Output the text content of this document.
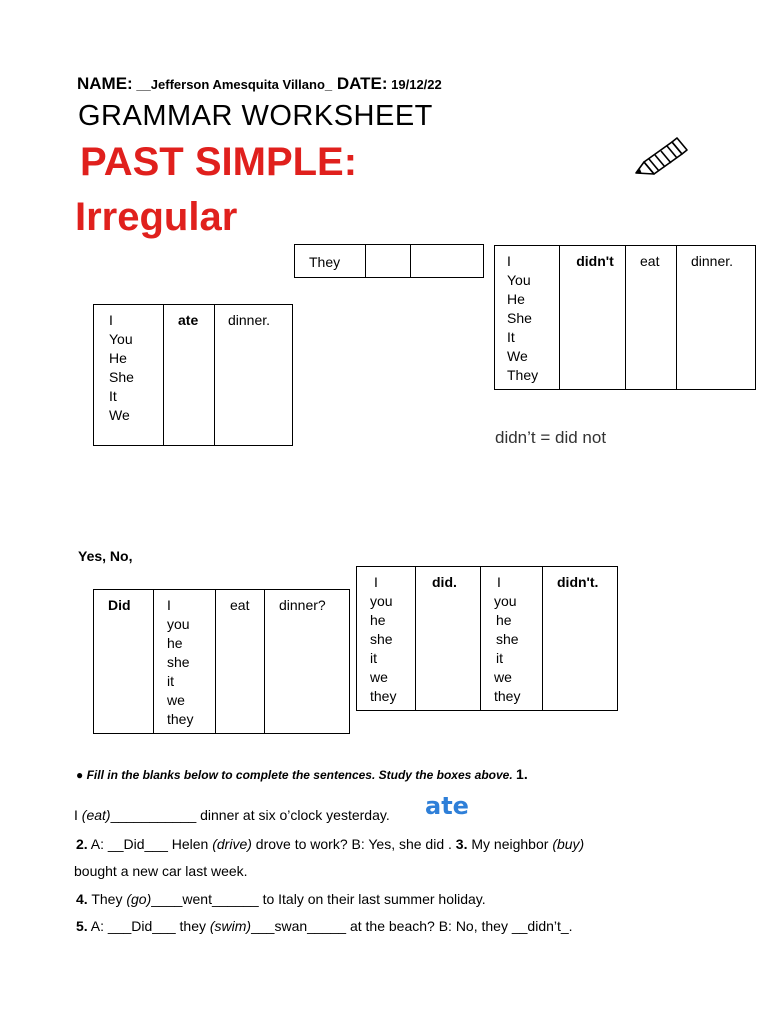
NAME: __Jefferson Amesquita Villano_ DATE: 19/12/22
GRAMMAR WORKSHEET
PAST SIMPLE:
Irregular
They		
I
You
He
She
It
We
	ate	dinner.
I
You
He
She
It
We
They
	didn't	eat	dinner.
didn’t = did not
Yes, No,
Did	I
you
he
she
it
we
they
	eat	dinner?
I
you
he
she
it
we
they
	did.	I
you
he
she
it
we
they
	didn't.
● Fill in the blanks below to complete the sentences. Study the boxes above. 1.
I (eat)___________ dinner at six o’clock yesterday. ate
2. A: __Did___ Helen (drive) drove to work? B: Yes, she did . 3. My neighbor (buy)
bought a new car last week.
4. They (go)____went______ to Italy on their last summer holiday.
5. A: ___Did___ they (swim)___swan_____ at the beach? B: No, they __didn’t_.
